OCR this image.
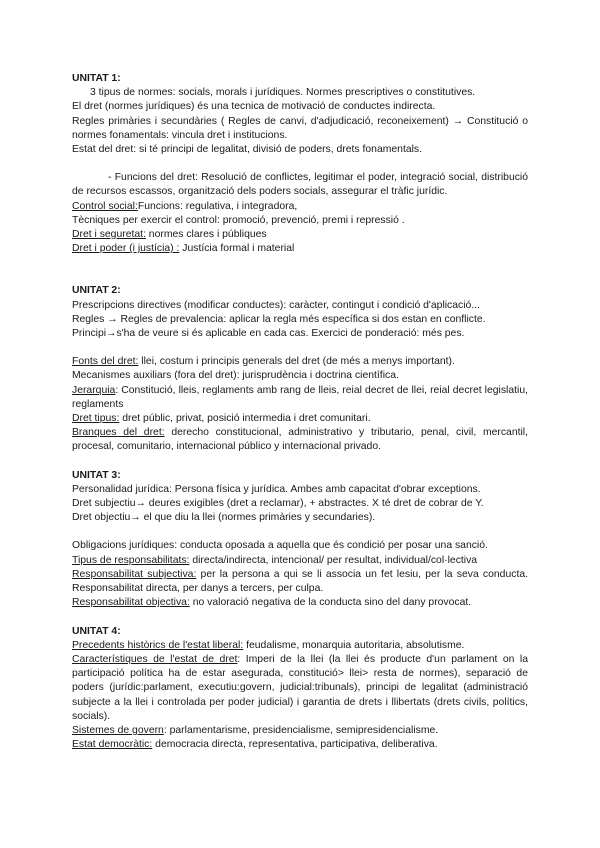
UNITAT 1:

3 tipus de normes: socials, morals i jurídiques. Normes prescriptives o constitutives.

El dret (normes jurídiques) és una tecnica de motivació de conductes indirecta.

Regles primàries i secundàries ( Regles de canvi, d'adjudicació, reconeixement) → Constitució o normes fonamentals: vincula dret i institucions.

Estat del dret: si té principi de legalitat, divisió de poders, drets fonamentals.

- Funcions del dret: Resolució de conflictes, legitimar el poder, integració social, distribució de recursos escassos, organització dels poders socials, assegurar el tràfic jurídic.

Control social:Funcions: regulativa, i integradora,

Tècniques per exercir el control: promoció, prevenció, premi i repressió .

Dret i seguretat: normes clares i públiques

Dret i poder (i justícia) : Justícia formal i material

UNITAT 2:

Prescripcions directives (modificar conductes): caràcter, contingut i condició d'aplicació...

Regles → Regles de prevalencia: aplicar la regla més específica si dos estan en conflicte.

Principi→s'ha de veure si és aplicable en cada cas. Exercici de ponderació: més pes.

Fonts del dret: llei, costum i principis generals del dret (de més a menys important).

Mecanismes auxiliars (fora del dret): jurisprudència i doctrina científica.

Jerarquia: Constitució, lleis, reglaments amb rang de lleis, reial decret de llei, reial decret legislatiu, reglaments

Dret tipus: dret públic, privat, posició intermedia i dret comunitari.

Branques del dret: derecho constitucional, administrativo y tributario, penal, civil, mercantil, procesal, comunitario, internacional público y internacional privado.

UNITAT 3:

Personalidad jurídica: Persona física y jurídica. Ambes amb capacitat d'obrar exceptions.

Dret subjectiu→ deures exigibles (dret a reclamar), + abstractes. X té dret de cobrar de Y.

Dret objectiu→ el que diu la llei (normes primàries y secundaries).

Obligacions jurídiques: conducta oposada a aquella que és condició per posar una sanció.

Tipus de responsabilitats: directa/indirecta, intencional/ per resultat, individual/col·lectiva

Responsabilitat subjectiva: per la persona a qui se li associa un fet lesiu, per la seva conducta. Responsabilitat directa, per danys a tercers, per culpa.

Responsabilitat objectiva: no valoració negativa de la conducta sino del dany provocat.

UNITAT 4:

Precedents històrics de l'estat liberal: feudalisme, monarquia autoritaria, absolutisme.

Característiques de l'estat de dret: Imperi de la llei (la llei és producte d'un parlament on la participació política ha de estar asegurada, constitució> llei> resta de normes), separació de poders (jurídic:parlament, executiu:govern, judicial:tribunals), principi de legalitat (administració subjecte a la llei i controlada per poder judicial) i garantia de drets i llibertats (drets civils, polítics, socials).

Sistemes de govern: parlamentarisme, presidencialisme, semipresidencialisme.

Estat democràtic: democracia directa, representativa, participativa, deliberativa.
